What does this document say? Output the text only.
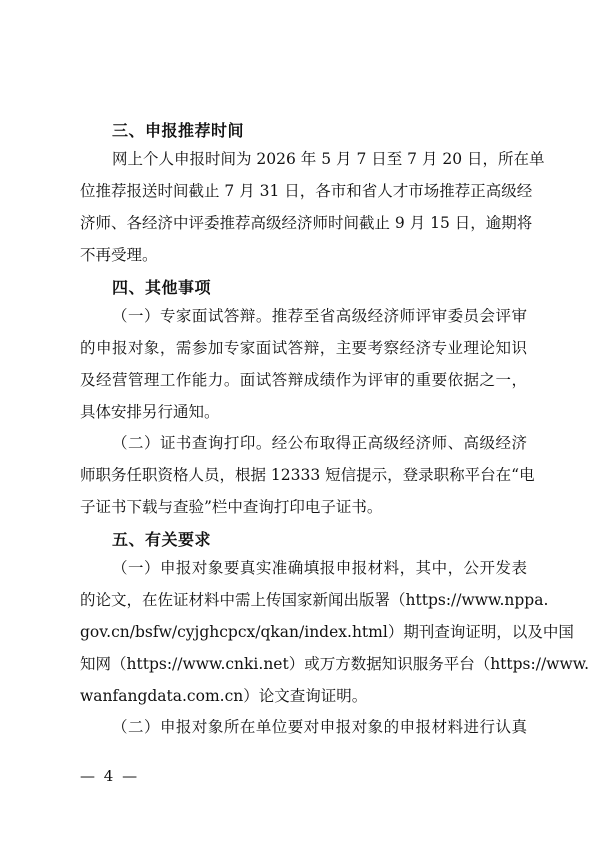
三、申报推荐时间
网上个人申报时间为 2026 年 5 月 7 日至 7 月 20 日，所在单
位推荐报送时间截止 7 月 31 日，各市和省人才市场推荐正高级经
济师、各经济中评委推荐高级经济师时间截止 9 月 15 日，逾期将
不再受理。
四、其他事项
（一）专家面试答辩。推荐至省高级经济师评审委员会评审
的申报对象，需参加专家面试答辩，主要考察经济专业理论知识
及经营管理工作能力。面试答辩成绩作为评审的重要依据之一，
具体安排另行通知。
（二）证书查询打印。经公布取得正高级经济师、高级经济
师职务任职资格人员，根据 12333 短信提示，登录职称平台在“电
子证书下载与查验”栏中查询打印电子证书。
五、有关要求
（一）申报对象要真实准确填报申报材料，其中，公开发表
的论文，在佐证材料中需上传国家新闻出版署（https://www.nppa.
gov.cn/bsfw/cyjghcpcx/qkan/index.html）期刊查询证明，以及中国
知网（https://www.cnki.net）或万方数据知识服务平台（https://www.
wanfangdata.com.cn）论文查询证明。
（二）申报对象所在单位要对申报对象的申报材料进行认真
— 4 —
